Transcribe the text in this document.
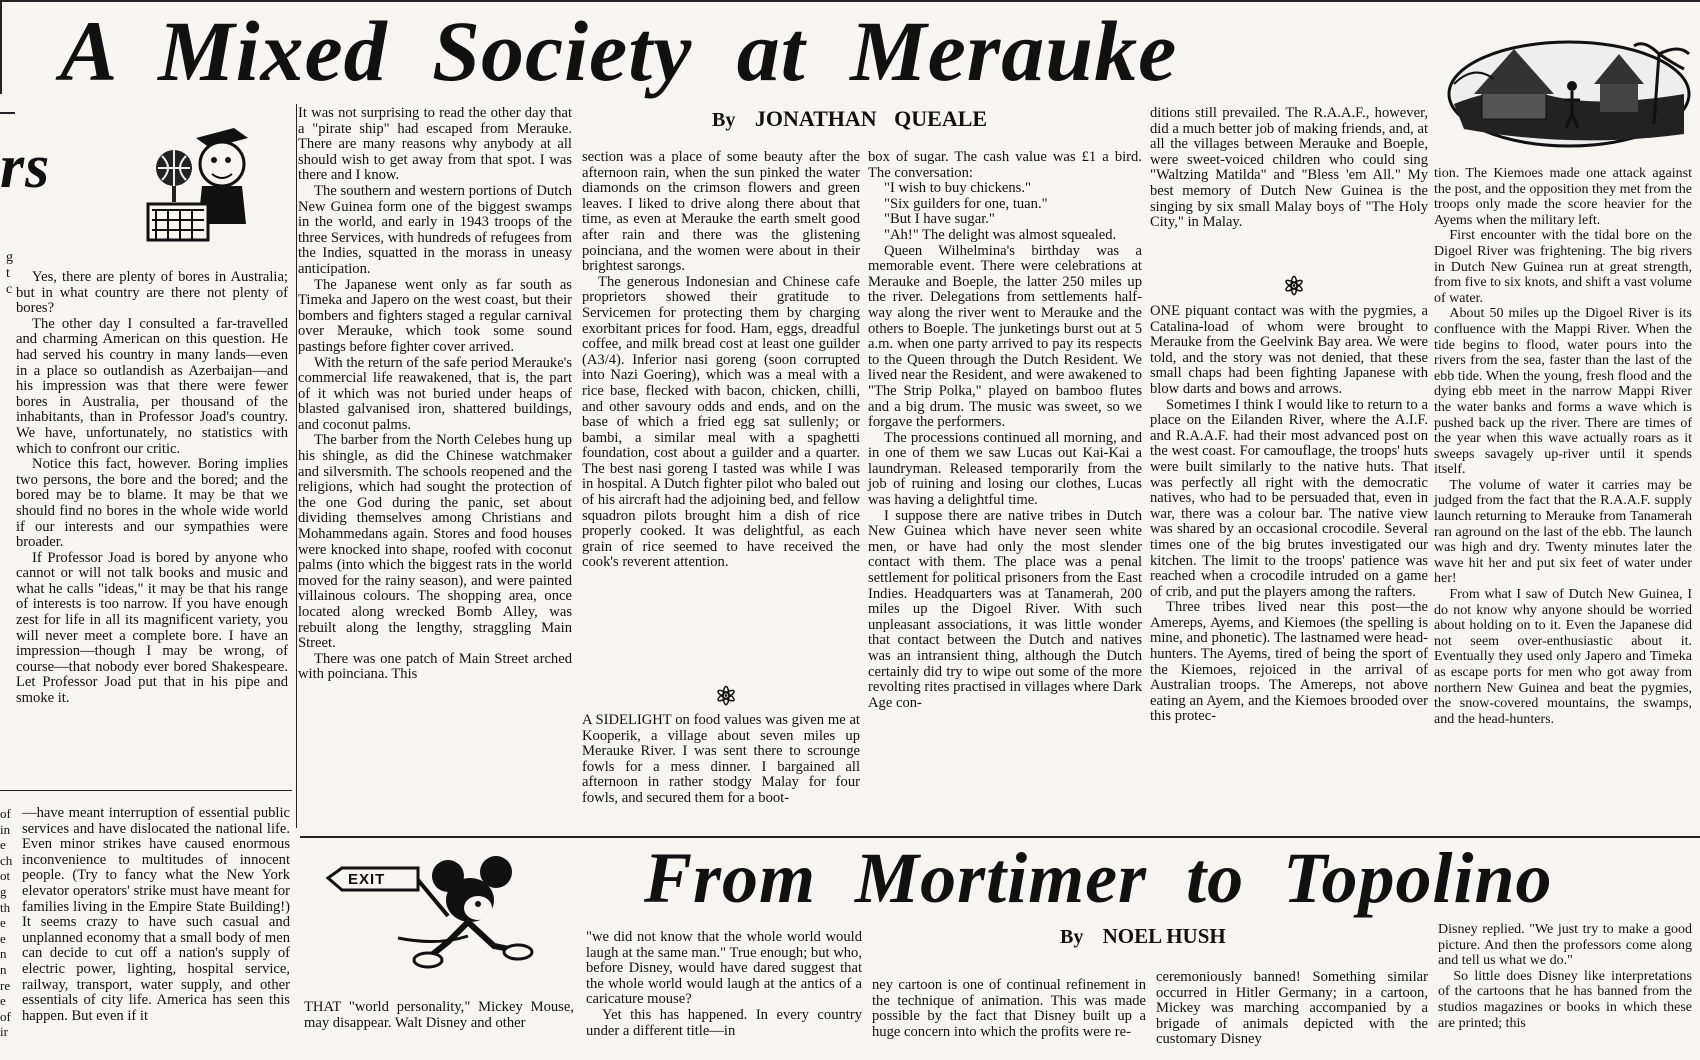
A Mixed Society at Merauke
rs
g
t
c

Yes, there are plenty of bores in Australia; but in what country are there not plenty of bores?

The other day I consulted a far-travelled and charming American on this question. He had served his country in many lands—even in a place so outlandish as Azerbaijan—and his impression was that there were fewer bores in Australia, per thousand of the inhabitants, than in Professor Joad's country. We have, unfortunately, no statistics with which to confront our critic.

Notice this fact, however. Boring implies two persons, the bore and the bored; and the bored may be to blame. It may be that we should find no bores in the whole wide world if our interests and our sympathies were broader.

If Professor Joad is bored by anyone who cannot or will not talk books and music and what he calls "ideas," it may be that his range of interests is too narrow. If you have enough zest for life in all its magnificent variety, you will never meet a complete bore. I have an impression—though I may be wrong, of course—that nobody ever bored Shakespeare. Let Professor Joad put that in his pipe and smoke it.

of
in
e
ch
ot
g
th
e
e
n
n
re
e
of
ir

—have meant interruption of essential public services and have dislocated the national life. Even minor strikes have caused enormous inconvenience to multitudes of innocent people. (Try to fancy what the New York elevator operators' strike must have meant for families living in the Empire State Building!) It seems crazy to have such casual and unplanned economy that a small body of men can decide to cut off a nation's supply of electric power, lighting, hospital service, railway, transport, water supply, and other essentials of city life. America has seen this happen. But even if it

It was not surprising to read the other day that a "pirate ship" had escaped from Merauke. There are many reasons why anybody at all should wish to get away from that spot. I was there and I know.

The southern and western portions of Dutch New Guinea form one of the biggest swamps in the world, and early in 1943 troops of the three Services, with hundreds of refugees from the Indies, squatted in the morass in uneasy anticipation.

The Japanese went only as far south as Timeka and Japero on the west coast, but their bombers and fighters staged a regular carnival over Merauke, which took some sound pastings before fighter cover arrived.

With the return of the safe period Merauke's commercial life reawakened, that is, the part of it which was not buried under heaps of blasted galvanised iron, shattered buildings, and coconut palms.

The barber from the North Celebes hung up his shingle, as did the Chinese watchmaker and silversmith. The schools reopened and the religions, which had sought the protection of the one God during the panic, set about dividing themselves among Christians and Mohammedans again. Stores and food houses were knocked into shape, roofed with coconut palms (into which the biggest rats in the world moved for the rainy season), and were painted villainous colours. The shopping area, once located along wrecked Bomb Alley, was rebuilt along the lengthy, straggling Main Street.

There was one patch of Main Street arched with poinciana. This

By JONATHAN QUEALE

section was a place of some beauty after the afternoon rain, when the sun pinked the water diamonds on the crimson flowers and green leaves. I liked to drive along there about that time, as even at Merauke the earth smelt good after rain and there was the glistening poinciana, and the women were about in their brightest sarongs.

The generous Indonesian and Chinese cafe proprietors showed their gratitude to Servicemen for protecting them by charging exorbitant prices for food. Ham, eggs, dreadful coffee, and milk bread cost at least one guilder (A3/4). Inferior nasi goreng (soon corrupted into Nazi Goering), which was a meal with a rice base, flecked with bacon, chicken, chilli, and other savoury odds and ends, and on the base of which a fried egg sat sullenly; or bambi, a similar meal with a spaghetti foundation, cost about a guilder and a quarter. The best nasi goreng I tasted was while I was in hospital. A Dutch fighter pilot who baled out of his aircraft had the adjoining bed, and fellow squadron pilots brought him a dish of rice properly cooked. It was delightful, as each grain of rice seemed to have received the cook's reverent attention.

⚛

A SIDELIGHT on food values was given me at Kooperik, a village about seven miles up Merauke River. I was sent there to scrounge fowls for a mess dinner. I bargained all afternoon in rather stodgy Malay for four fowls, and secured them for a boot-

box of sugar. The cash value was £1 a bird. The conversation:

"I wish to buy chickens."

"Six guilders for one, tuan."

"But I have sugar."

"Ah!" The delight was almost squealed.

Queen Wilhelmina's birthday was a memorable event. There were celebrations at Merauke and Boeple, the latter 250 miles up the river. Delegations from settlements half-way along the river went to Merauke and the others to Boeple. The junketings burst out at 5 a.m. when one party arrived to pay its respects to the Queen through the Dutch Resident. We lived near the Resident, and were awakened to "The Strip Polka," played on bamboo flutes and a big drum. The music was sweet, so we forgave the performers.

The processions continued all morning, and in one of them we saw Lucas out Kai-Kai a laundryman. Released temporarily from the job of ruining and losing our clothes, Lucas was having a delightful time.

I suppose there are native tribes in Dutch New Guinea which have never seen white men, or have had only the most slender contact with them. The place was a penal settlement for political prisoners from the East Indies. Headquarters was at Tanamerah, 200 miles up the Digoel River. With such unpleasant associations, it was little wonder that contact between the Dutch and natives was an intransient thing, although the Dutch certainly did try to wipe out some of the more revolting rites practised in villages where Dark Age con-

ditions still prevailed. The R.A.A.F., however, did a much better job of making friends, and, at all the villages between Merauke and Boeple, were sweet-voiced children who could sing "Waltzing Matilda" and "Bless 'em All." My best memory of Dutch New Guinea is the singing by six small Malay boys of "The Holy City," in Malay.

⚛

ONE piquant contact was with the pygmies, a Catalina-load of whom were brought to Merauke from the Geelvink Bay area. We were told, and the story was not denied, that these small chaps had been fighting Japanese with blow darts and bows and arrows.

Sometimes I think I would like to return to a place on the Eilanden River, where the A.I.F. and R.A.A.F. had their most advanced post on the west coast. For camouflage, the troops' huts were built similarly to the native huts. That was perfectly all right with the democratic natives, who had to be persuaded that, even in war, there was a colour bar. The native view was shared by an occasional crocodile. Several times one of the big brutes investigated our kitchen. The limit to the troops' patience was reached when a crocodile intruded on a game of crib, and put the players among the rafters.

Three tribes lived near this post—the Amereps, Ayems, and Kiemoes (the spelling is mine, and phonetic). The lastnamed were head-hunters. The Ayems, tired of being the sport of the Kiemoes, rejoiced in the arrival of Australian troops. The Amereps, not above eating an Ayem, and the Kiemoes brooded over this protec-

tion. The Kiemoes made one attack against the post, and the opposition they met from the troops only made the score heavier for the Ayems when the military left.

First encounter with the tidal bore on the Digoel River was frightening. The big rivers in Dutch New Guinea run at great strength, from five to six knots, and shift a vast volume of water.

About 50 miles up the Digoel River is its confluence with the Mappi River. When the tide begins to flood, water pours into the rivers from the sea, faster than the last of the ebb tide. When the young, fresh flood and the dying ebb meet in the narrow Mappi River the water banks and forms a wave which is pushed back up the river. There are times of the year when this wave actually roars as it sweeps savagely up-river until it spends itself.

The volume of water it carries may be judged from the fact that the R.A.A.F. supply launch returning to Merauke from Tanamerah ran aground on the last of the ebb. The launch was high and dry. Twenty minutes later the wave hit her and put six feet of water under her!

From what I saw of Dutch New Guinea, I do not know why anyone should be worried about holding on to it. Even the Japanese did not seem over-enthusiastic about it. Eventually they used only Japero and Timeka as escape ports for men who got away from northern New Guinea and beat the pygmies, the snow-covered mountains, the swamps, and the head-hunters.

From Mortimer to Topolino
EXIT
By NOEL HUSH

THAT "world personality," Mickey Mouse, may disappear. Walt Disney and other

"we did not know that the whole world would laugh at the same man." True enough; but who, before Disney, would have dared suggest that the whole world would laugh at the antics of a caricature mouse?

Yet this has happened. In every country under a different title—in

ney cartoon is one of continual refinement in the technique of animation. This was made possible by the fact that Disney built up a huge concern into which the profits were re-

ceremoniously banned! Something similar occurred in Hitler Germany; in a cartoon, Mickey was marching accompanied by a brigade of animals depicted with the customary Disney

Disney replied. "We just try to make a good picture. And then the professors come along and tell us what we do."

So little does Disney like interpretations of the cartoons that he has banned from the studios magazines or books in which these are printed; this
